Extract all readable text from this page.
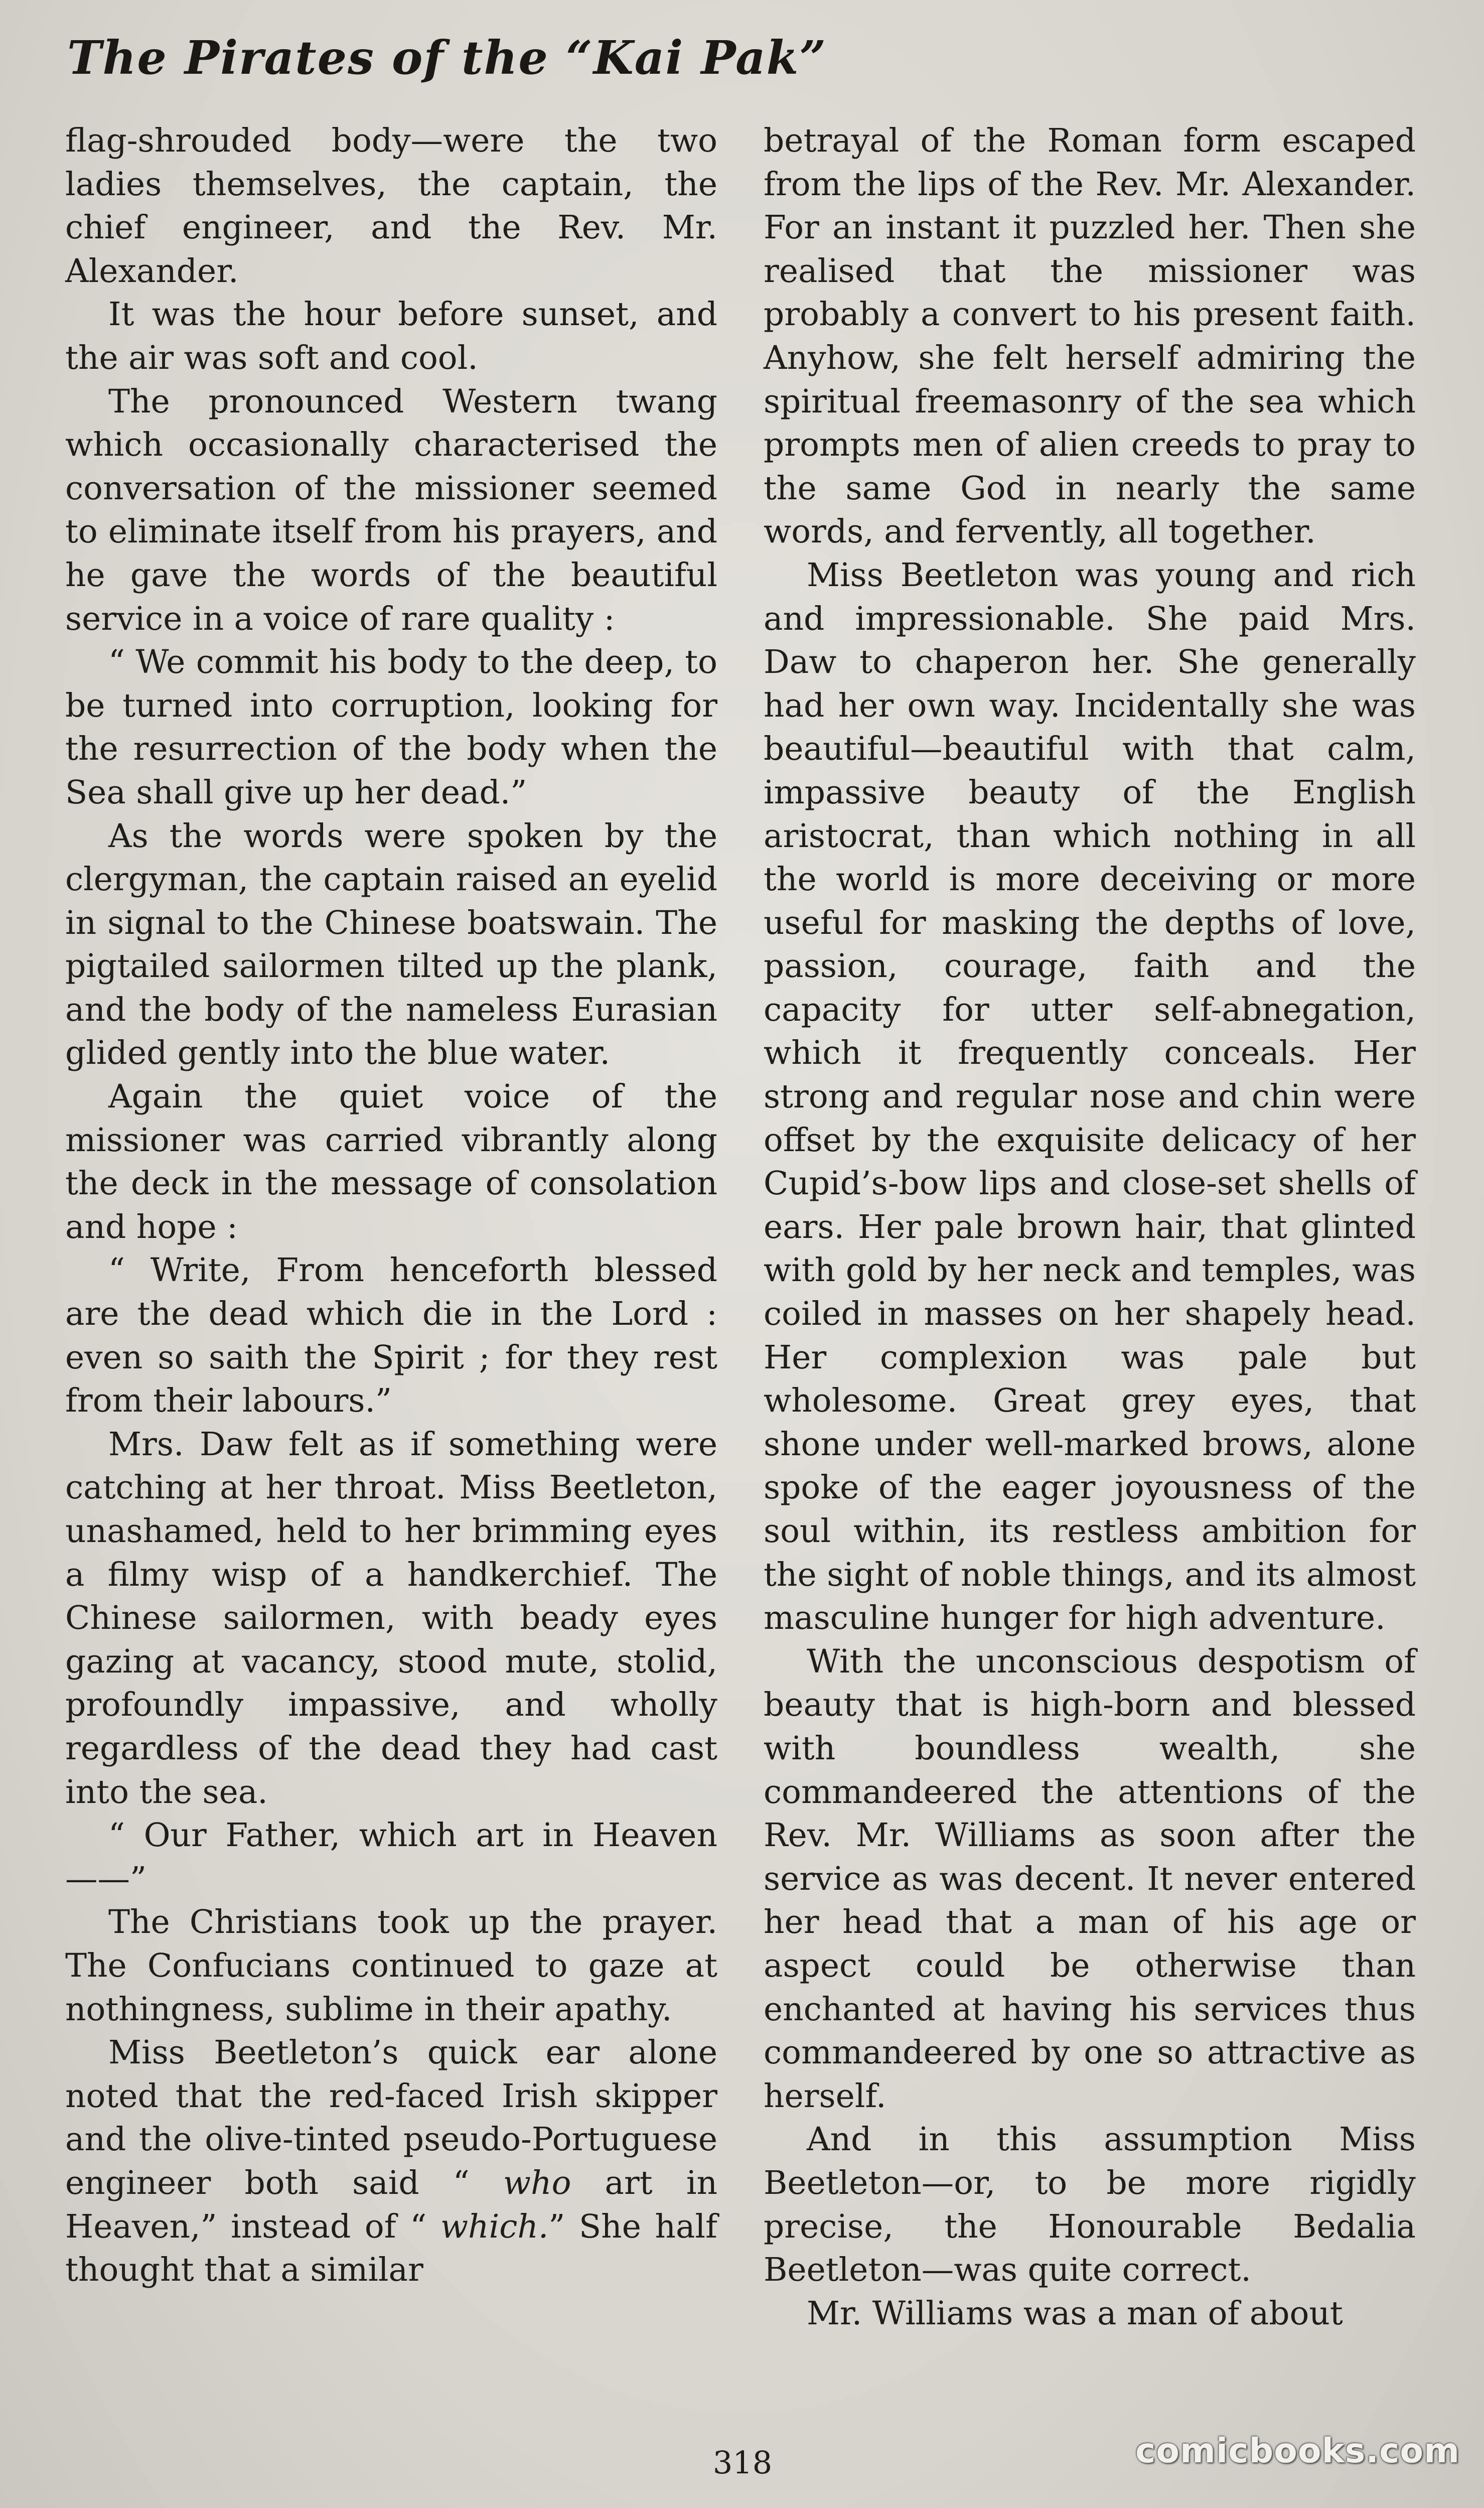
The Pirates of the “Kai Pak”

flag-shrouded body—were the two ladies themselves, the captain, the chief engineer, and the Rev. Mr. Alexander.

It was the hour before sunset, and the air was soft and cool.

The pronounced Western twang which occasionally characterised the conversation of the missioner seemed to eliminate itself from his prayers, and he gave the words of the beautiful service in a voice of rare quality :

“ We commit his body to the deep, to be turned into corruption, looking for the resurrection of the body when the Sea shall give up her dead.”

As the words were spoken by the clergyman, the captain raised an eyelid in signal to the Chinese boatswain. The pigtailed sailormen tilted up the plank, and the body of the nameless Eurasian glided gently into the blue water.

Again the quiet voice of the missioner was carried vibrantly along the deck in the message of consolation and hope :

“ Write, From henceforth blessed are the dead which die in the Lord : even so saith the Spirit ; for they rest from their labours.”

Mrs. Daw felt as if something were catching at her throat. Miss Beetleton, unashamed, held to her brimming eyes a filmy wisp of a handkerchief. The Chinese sailormen, with beady eyes gazing at vacancy, stood mute, stolid, profoundly impassive, and wholly regardless of the dead they had cast into the sea.

“ Our Father, which art in Heaven——”

The Christians took up the prayer. The Confucians continued to gaze at nothingness, sublime in their apathy.

Miss Beetleton’s quick ear alone noted that the red-faced Irish skipper and the olive-tinted pseudo-Portuguese engineer both said “ who art in Heaven,” instead of “ which.” She half thought that a similar

betrayal of the Roman form escaped from the lips of the Rev. Mr. Alexander. For an instant it puzzled her. Then she realised that the missioner was probably a convert to his present faith. Anyhow, she felt herself admiring the spiritual freemasonry of the sea which prompts men of alien creeds to pray to the same God in nearly the same words, and fervently, all together.

Miss Beetleton was young and rich and impressionable. She paid Mrs. Daw to chaperon her. She generally had her own way. Incidentally she was beautiful—beautiful with that calm, impassive beauty of the English aristocrat, than which nothing in all the world is more deceiving or more useful for masking the depths of love, passion, courage, faith and the capacity for utter self-abnegation, which it frequently conceals. Her strong and regular nose and chin were offset by the exquisite delicacy of her Cupid’s-bow lips and close-set shells of ears. Her pale brown hair, that glinted with gold by her neck and temples, was coiled in masses on her shapely head. Her complexion was pale but wholesome. Great grey eyes, that shone under well-marked brows, alone spoke of the eager joyousness of the soul within, its restless ambition for the sight of noble things, and its almost masculine hunger for high adventure.

With the unconscious despotism of beauty that is high-born and blessed with boundless wealth, she commandeered the attentions of the Rev. Mr. Williams as soon after the service as was decent. It never entered her head that a man of his age or aspect could be otherwise than enchanted at having his services thus commandeered by one so attractive as herself.

And in this assumption Miss Beetleton—or, to be more rigidly precise, the Honourable Bedalia Beetleton—was quite correct.

Mr. Williams was a man of about

318	comicbooks.com
